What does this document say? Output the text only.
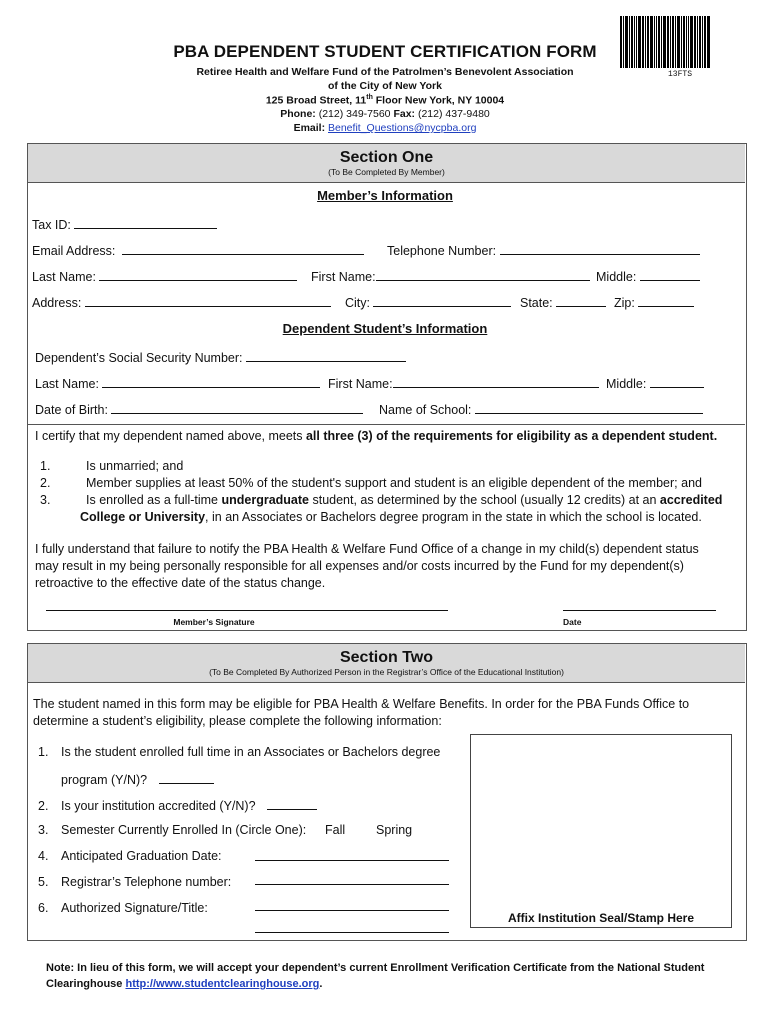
PBA DEPENDENT STUDENT CERTIFICATION FORM
Retiree Health and Welfare Fund of the Patrolmen’s Benevolent Association
of the City of New York
125 Broad Street, 11th Floor New York, NY 10004
Phone: (212) 349-7560 Fax: (212) 437-9480
Email: Benefit_Questions@nycpba.org
13FTS
Section One
(To Be Completed By Member)
Member’s Information
Tax ID:
Email Address:	Telephone Number:
Last Name:	First Name:	Middle:
Address:	City:	State:	Zip:
Dependent Student’s Information
Dependent’s Social Security Number:
Last Name:	First Name:	Middle:
Date of Birth:	Name of School:
I certify that my dependent named above, meets all three (3) of the requirements for eligibility as a dependent student.
1.	Is unmarried; and
2.	Member supplies at least 50% of the student's support and student is an eligible dependent of the member; and
3.	Is enrolled as a full-time undergraduate student, as determined by the school (usually 12 credits) at an accredited
College or University, in an Associates or Bachelors degree program in the state in which the school is located.
I fully understand that failure to notify the PBA Health & Welfare Fund Office of a change in my child(s) dependent status
may result in my being personally responsible for all expenses and/or costs incurred by the Fund for my dependent(s)
retroactive to the effective date of the status change.
Member’s Signature	Date
Section Two
(To Be Completed By Authorized Person in the Registrar’s Office of the Educational Institution)
The student named in this form may be eligible for PBA Health & Welfare Benefits. In order for the PBA Funds Office to
determine a student’s eligibility, please complete the following information:
1. Is the student enrolled full time in an Associates or Bachelors degree
program (Y/N)?
2. Is your institution accredited (Y/N)?
3. Semester Currently Enrolled In (Circle One): Fall Spring
4. Anticipated Graduation Date:
5. Registrar’s Telephone number:
6. Authorized Signature/Title:
Affix Institution Seal/Stamp Here
Note: In lieu of this form, we will accept your dependent’s current Enrollment Verification Certificate from the National Student
Clearinghouse http://www.studentclearinghouse.org.
